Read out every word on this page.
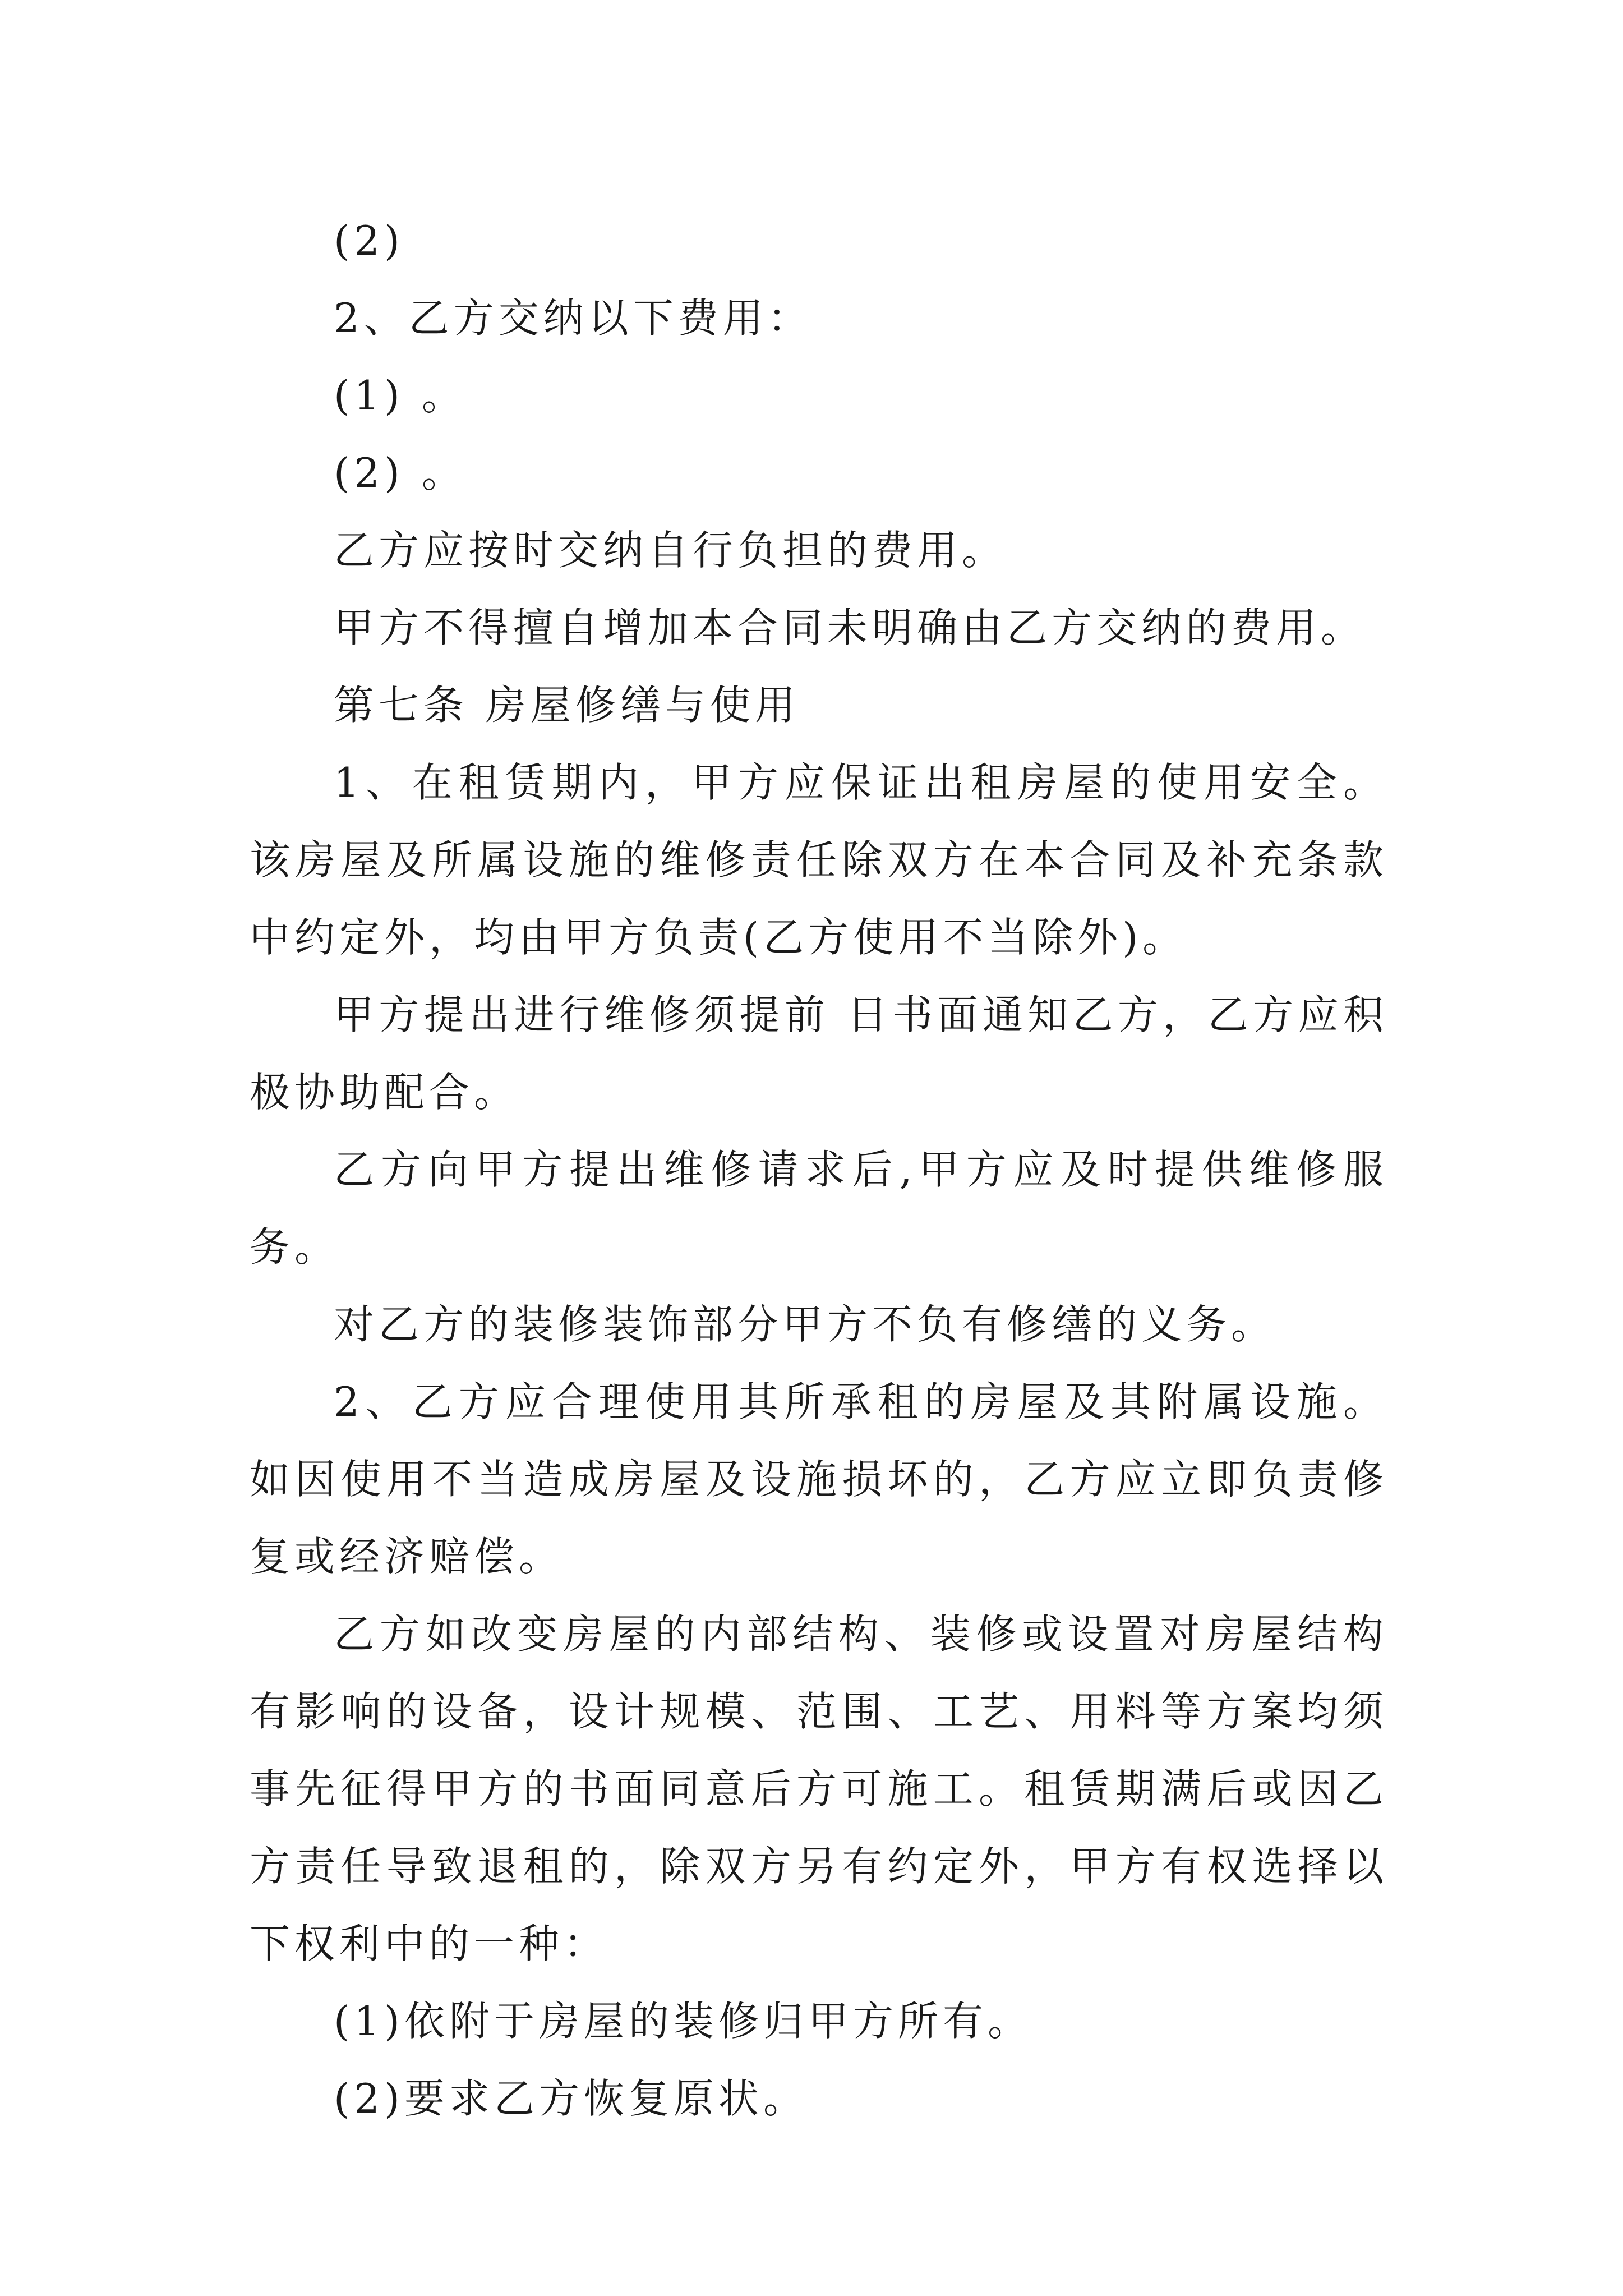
(2)

2、乙方交纳以下费用：

(1) 。

(2) 。

乙方应按时交纳自行负担的费用。

甲方不得擅自增加本合同未明确由乙方交纳的费用。

第七条 房屋修缮与使用

1、在租赁期内，甲方应保证出租房屋的使用安全。该房屋及所属设施的维修责任除双方在本合同及补充条款中约定外，均由甲方负责(乙方使用不当除外)。

甲方提出进行维修须提前 日书面通知乙方，乙方应积极协助配合。

乙方向甲方提出维修请求后,甲方应及时提供维修服务。

对乙方的装修装饰部分甲方不负有修缮的义务。

2、乙方应合理使用其所承租的房屋及其附属设施。如因使用不当造成房屋及设施损坏的，乙方应立即负责修复或经济赔偿。

乙方如改变房屋的内部结构、装修或设置对房屋结构有影响的设备，设计规模、范围、工艺、用料等方案均须事先征得甲方的书面同意后方可施工。租赁期满后或因乙方责任导致退租的，除双方另有约定外，甲方有权选择以下权利中的一种：

(1)依附于房屋的装修归甲方所有。

(2)要求乙方恢复原状。
